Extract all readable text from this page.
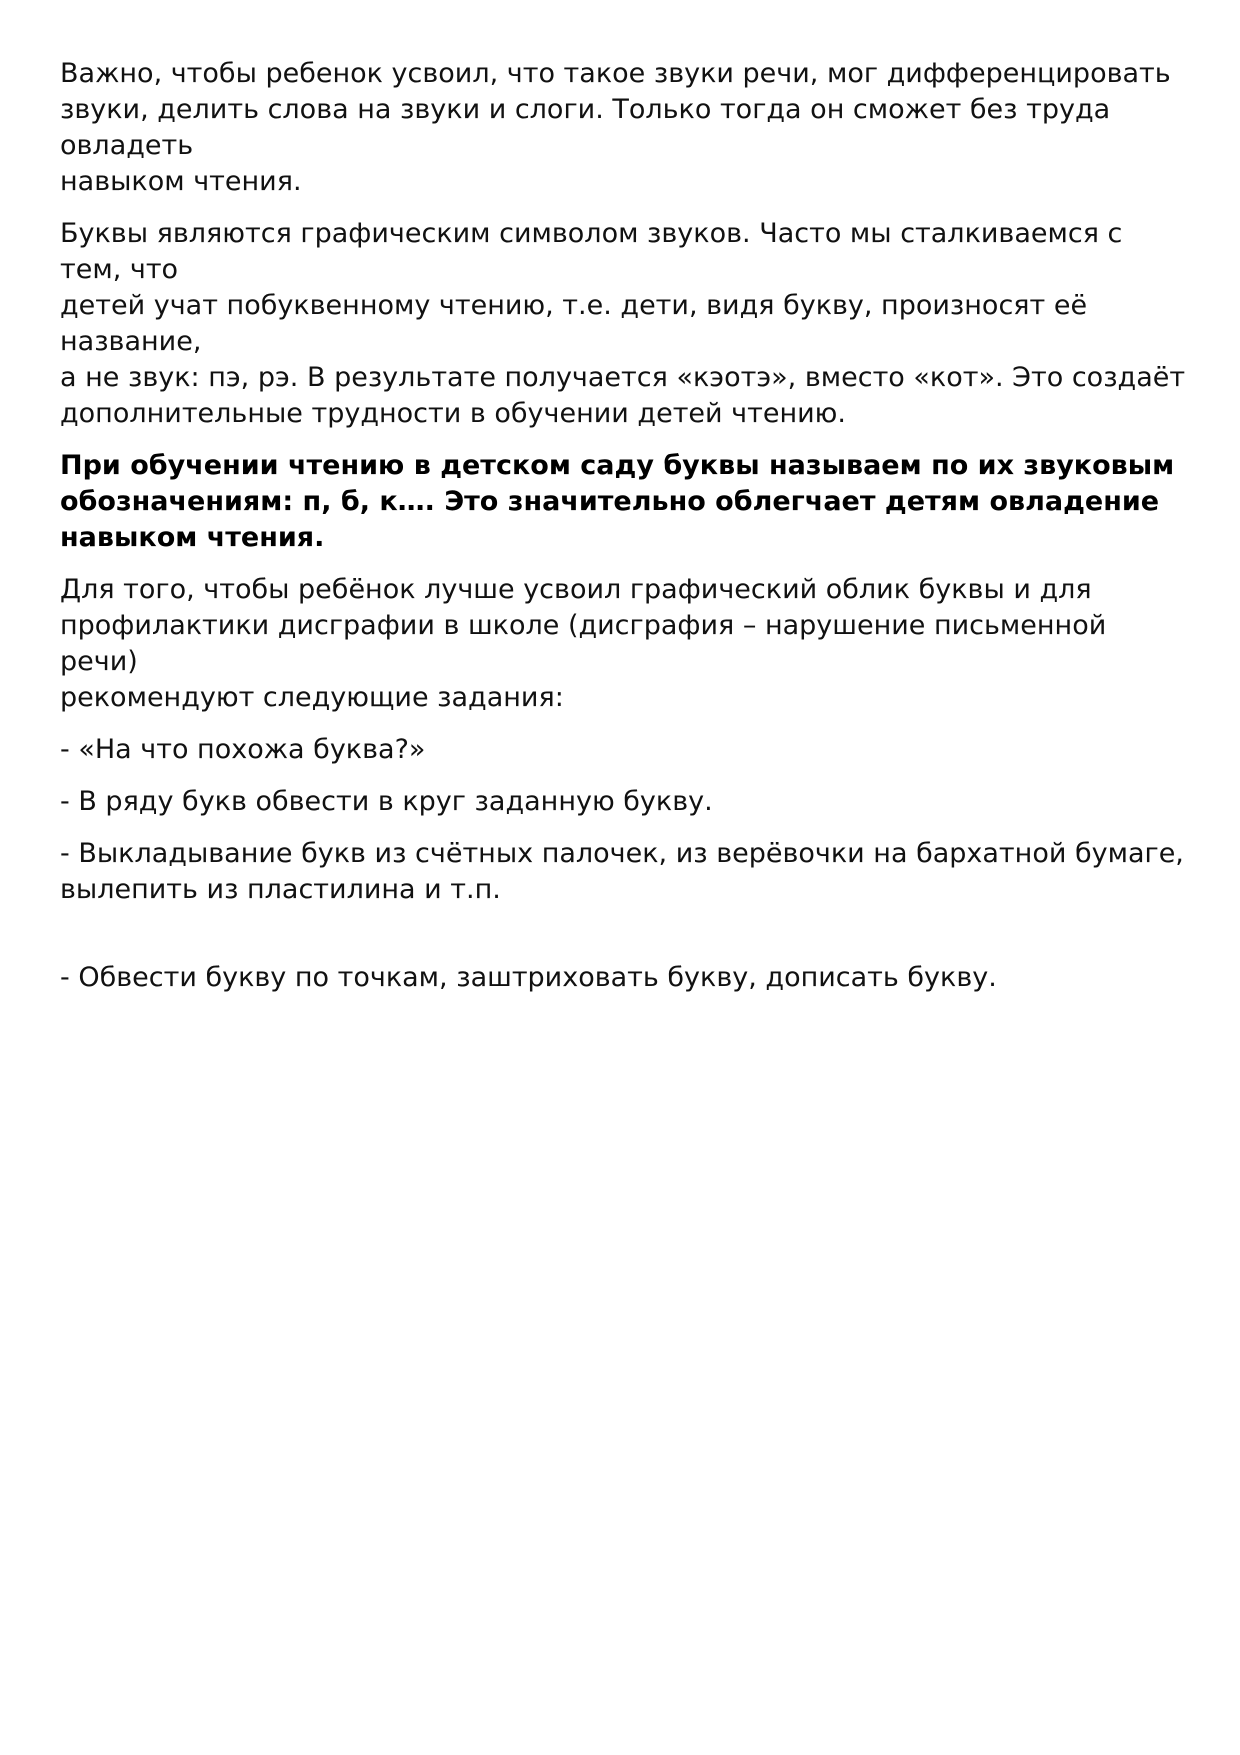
Важно, чтобы ребенок усвоил, что такое звуки речи, мог дифференцировать
звуки, делить слова на звуки и слоги. Только тогда он сможет без труда овладеть
навыком чтения.

Буквы являются графическим символом звуков. Часто мы сталкиваемся с тем, что
детей учат побуквенному чтению, т.е. дети, видя букву, произносят её название,
а не звук: пэ, рэ. В результате получается «кэотэ», вместо «кот». Это создаёт
дополнительные трудности в обучении детей чтению.

При обучении чтению в детском саду буквы называем по их звуковым
обозначениям: п, б, к…. Это значительно облегчает детям овладение
навыком чтения.

Для того, чтобы ребёнок лучше усвоил графический облик буквы и для
профилактики дисграфии в школе (дисграфия – нарушение письменной речи)
рекомендуют следующие задания:

- «На что похожа буква?»

- В ряду букв обвести в круг заданную букву.

- Выкладывание букв из счётных палочек, из верёвочки на бархатной бумаге,
вылепить из пластилина и т.п.

- Обвести букву по точкам, заштриховать букву, дописать букву.
